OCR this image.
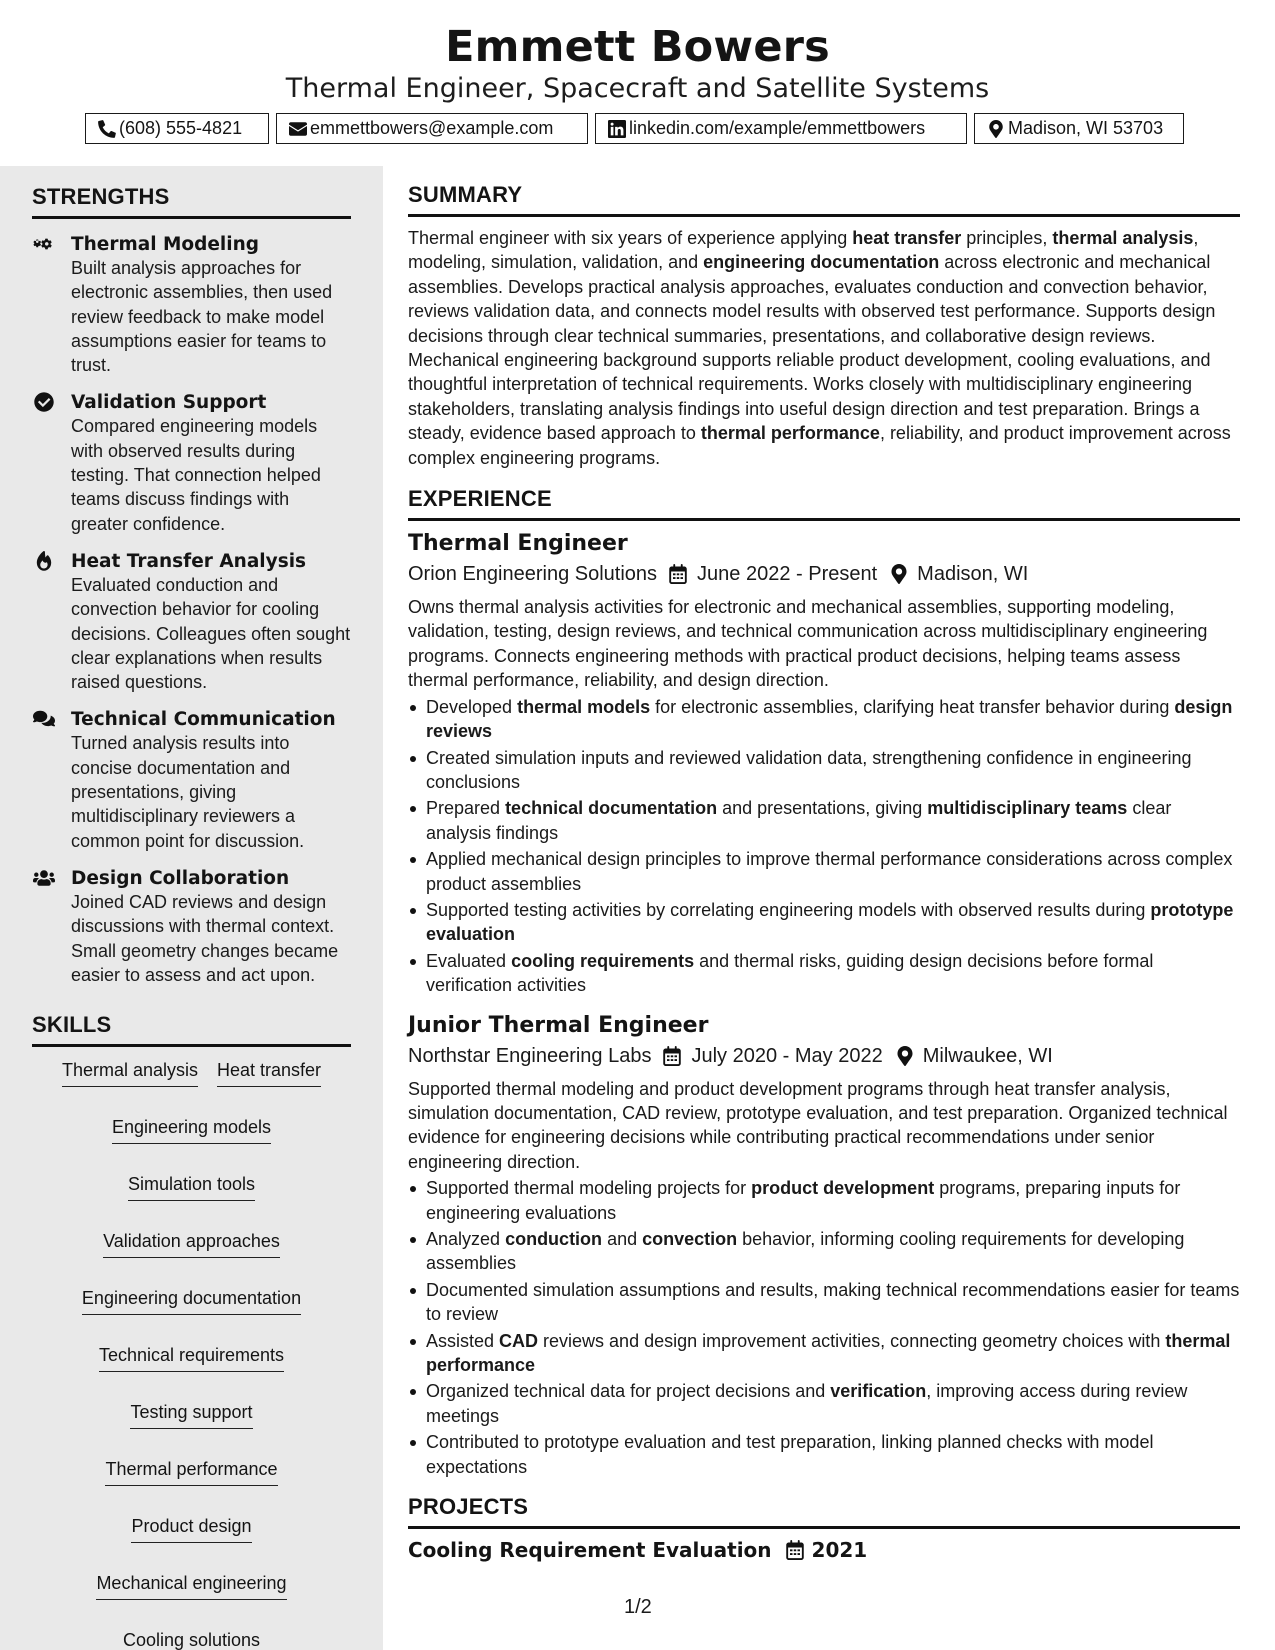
Emmett Bowers
Thermal Engineer, Spacecraft and Satellite Systems
(608) 555-4821	emmettbowers@example.com	linkedin.com/example/emmettbowers	Madison, WI 53703
STRENGTHS
Thermal Modeling

Built analysis approaches for electronic assemblies, then used review feedback to make model assumptions easier for teams to trust.

Validation Support

Compared engineering models with observed results during testing. That connection helped teams discuss findings with greater confidence.

Heat Transfer Analysis

Evaluated conduction and convection behavior for cooling decisions. Colleagues often sought clear explanations when results raised questions.

Technical Communication

Turned analysis results into concise documentation and presentations, giving multidisciplinary reviewers a common point for discussion.

Design Collaboration

Joined CAD reviews and design discussions with thermal context. Small geometry changes became easier to assess and act upon.

SKILLS
Thermal analysis Heat transfer
Engineering models
Simulation tools
Validation approaches
Engineering documentation
Technical requirements
Testing support
Thermal performance
Product design
Mechanical engineering
Cooling solutions
SUMMARY

Thermal engineer with six years of experience applying heat transfer principles, thermal analysis, modeling, simulation, validation, and engineering documentation across electronic and mechanical assemblies. Develops practical analysis approaches, evaluates conduction and convection behavior, reviews validation data, and connects model results with observed test performance. Supports design decisions through clear technical summaries, presentations, and collaborative design reviews. Mechanical engineering background supports reliable product development, cooling evaluations, and thoughtful interpretation of technical requirements. Works closely with multidisciplinary engineering stakeholders, translating analysis findings into useful design direction and test preparation. Brings a steady, evidence based approach to thermal performance, reliability, and product improvement across complex engineering programs.

EXPERIENCE
Thermal Engineer
Orion Engineering Solutions June 2022 - Present Madison, WI

Owns thermal analysis activities for electronic and mechanical assemblies, supporting modeling, validation, testing, design reviews, and technical communication across multidisciplinary engineering programs. Connects engineering methods with practical product decisions, helping teams assess thermal performance, reliability, and design direction.

Developed thermal models for electronic assemblies, clarifying heat transfer behavior during design reviews
Created simulation inputs and reviewed validation data, strengthening confidence in engineering conclusions
Prepared technical documentation and presentations, giving multidisciplinary teams clear analysis findings
Applied mechanical design principles to improve thermal performance considerations across complex product assemblies
Supported testing activities by correlating engineering models with observed results during prototype evaluation
Evaluated cooling requirements and thermal risks, guiding design decisions before formal verification activities
Junior Thermal Engineer
Northstar Engineering Labs July 2020 - May 2022 Milwaukee, WI

Supported thermal modeling and product development programs through heat transfer analysis, simulation documentation, CAD review, prototype evaluation, and test preparation. Organized technical evidence for engineering decisions while contributing practical recommendations under senior engineering direction.

Supported thermal modeling projects for product development programs, preparing inputs for engineering evaluations
Analyzed conduction and convection behavior, informing cooling requirements for developing assemblies
Documented simulation assumptions and results, making technical recommendations easier for teams to review
Assisted CAD reviews and design improvement activities, connecting geometry choices with thermal performance
Organized technical data for project decisions and verification, improving access during review meetings
Contributed to prototype evaluation and test preparation, linking planned checks with model expectations
PROJECTS
Cooling Requirement Evaluation 2021
1/2
